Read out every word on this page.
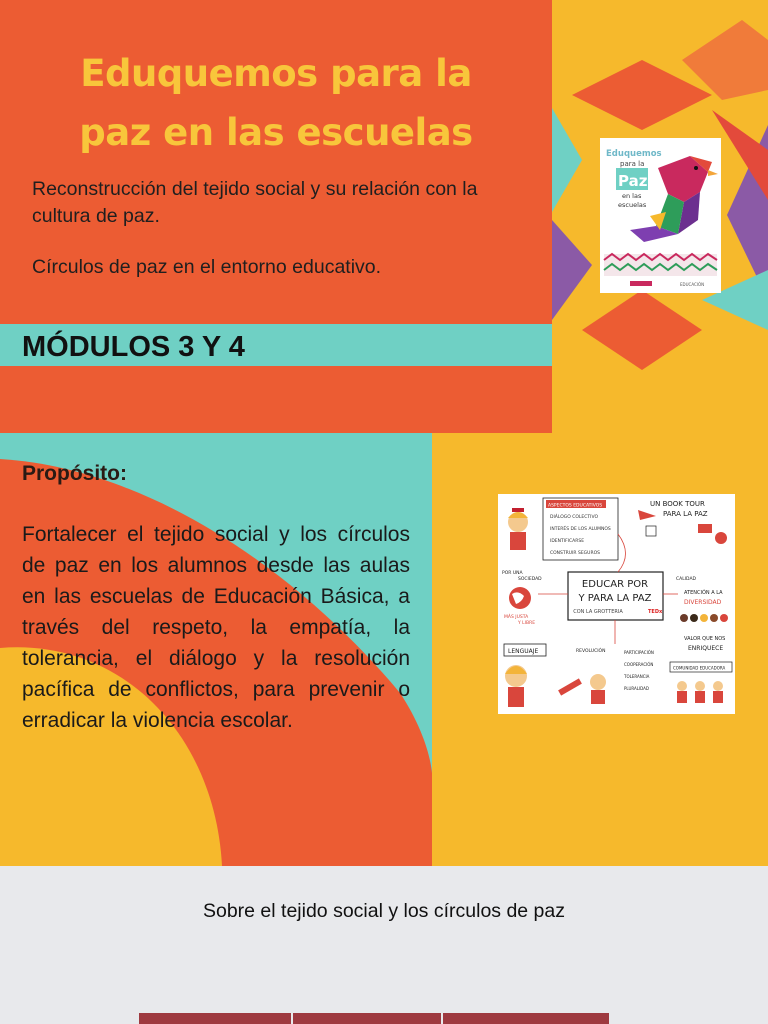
Eduquemos para la
paz en las escuelas

Reconstrucción del tejido social y su relación con la cultura de paz.

Círculos de paz en el entorno educativo.

MÓDULOS 3 Y 4
Eduquemos
para la
Paz
en las
escuelas
EDUCACIÓN
Propósito:
Fortalecer el tejido social y los círculos de paz en los alumnos desde las aulas en las escuelas de Educación Básica, a través del respeto, la empatía, la tolerancia, el diálogo y la resolución pacífica de conflictos, para prevenir o erradicar la violencia escolar.
EDUCAR POR
Y PARA LA PAZ
CON LA GROTTERIA	TEDx
ASPECTOS EDUCATIVOS
DIÁLOGO COLECTIVO
INTERÉS DE LOS ALUMNOS
IDENTIFICARSE
CONSTRUIR SEGUROS
UN BOOK TOUR
PARA LA PAZ
POR UNA
SOCIEDAD
MÁS JUSTA
Y LIBRE
CALIDAD
ATENCIÓN A LA
DIVERSIDAD
VALOR QUE NOS
ENRIQUECE
LENGUAJE	REVOLUCIÓN	PARTICIPACIÓN
COOPERACIÓN
TOLERANCIA
PLURALIDAD
COMUNIDAD EDUCADORA
Sobre el tejido social y los círculos de paz
